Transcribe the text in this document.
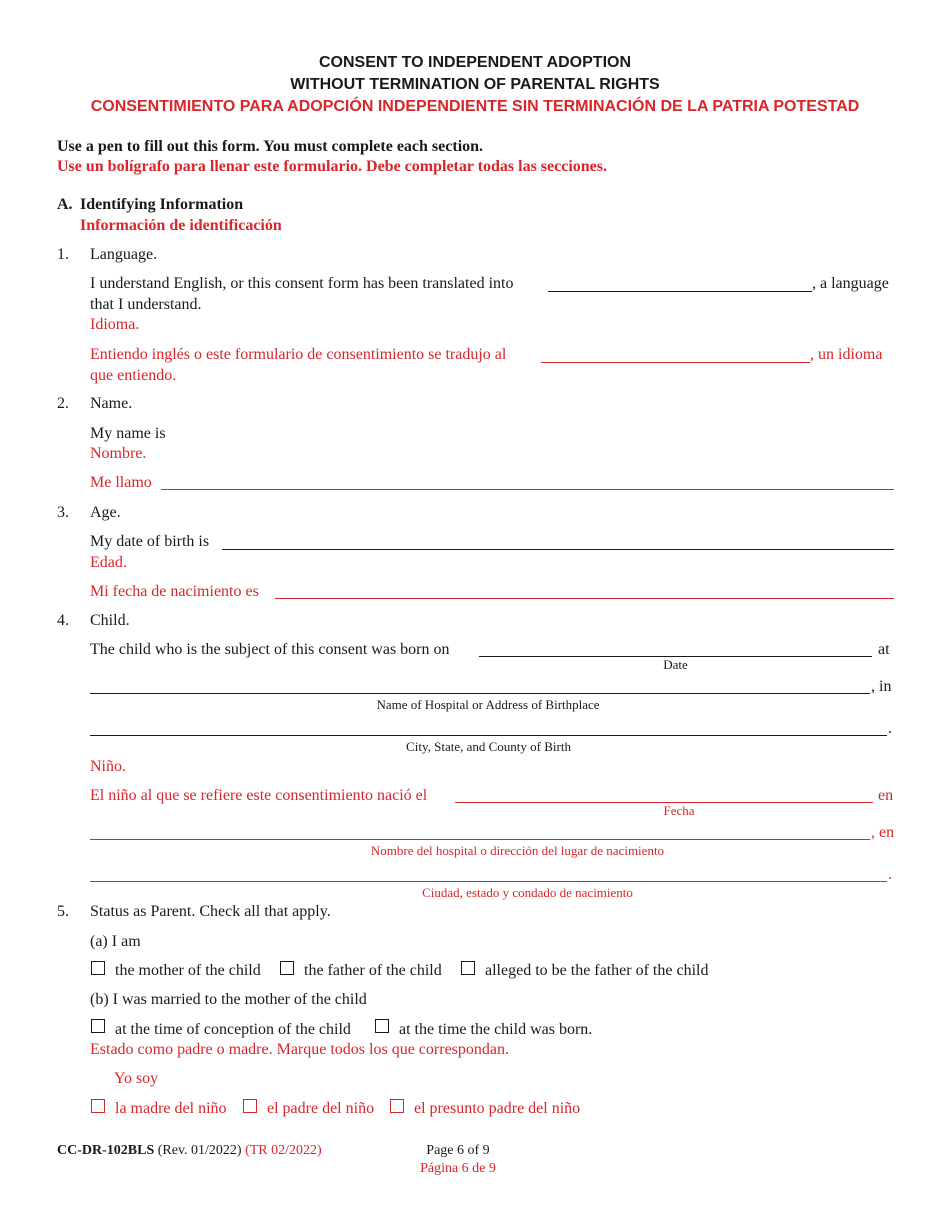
CONSENT TO INDEPENDENT ADOPTION
WITHOUT TERMINATION OF PARENTAL RIGHTS
CONSENTIMIENTO PARA ADOPCIÓN INDEPENDIENTE SIN TERMINACIÓN DE LA PATRIA POTESTAD
Use a pen to fill out this form. You must complete each section.
Use un bolígrafo para llenar este formulario. Debe completar todas las secciones.
A. Identifying Information
Información de identificación
1. Language.
I understand English, or this consent form has been translated into	, a language
that I understand.
Idioma.
Entiendo inglés o este formulario de consentimiento se tradujo al	, un idioma
que entiendo.
2. Name.
My name is
Nombre.
Me llamo
3. Age.
My date of birth is
Edad.
Mi fecha de nacimiento es
4. Child.
The child who is the subject of this consent was born on	at
Date
, in
Name of Hospital or Address of Birthplace
.
City, State, and County of Birth
Niño.
El niño al que se refiere este consentimiento nació el	en
Fecha
, en
Nombre del hospital o dirección del lugar de nacimiento
.
Ciudad, estado y condado de nacimiento
5. Status as Parent. Check all that apply.
(a) I am
the mother of the child	the father of the child	alleged to be the father of the child
(b) I was married to the mother of the child
at the time of conception of the child	at the time the child was born.
Estado como padre o madre. Marque todos los que correspondan.
Yo soy
la madre del niño	el padre del niño el presunto padre del niño
CC-DR-102BLS (Rev. 01/2022) (TR 02/2022)	Page 6 of 9
Página 6 de 9
